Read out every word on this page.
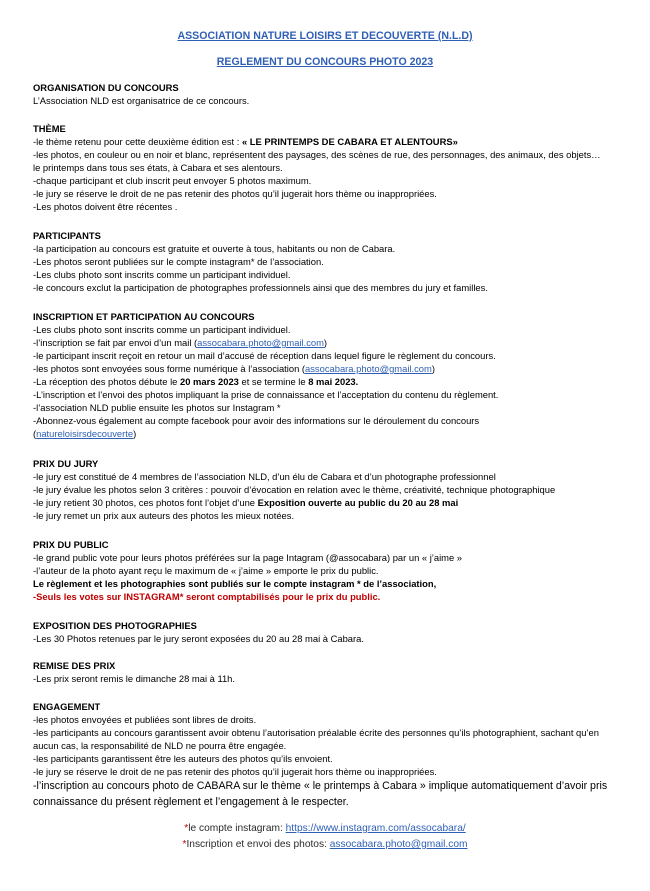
ASSOCIATION NATURE LOISIRS ET DECOUVERTE (N.L.D)
REGLEMENT DU CONCOURS PHOTO 2023
ORGANISATION DU CONCOURS
L’Association NLD est organisatrice de ce concours.
THÈME
-le thème retenu pour cette deuxième édition est : « LE PRINTEMPS DE CABARA ET ALENTOURS»
-les photos, en couleur ou en noir et blanc, représentent des paysages, des scènes de rue, des personnages, des animaux, des objets…le printemps dans tous ses états, à Cabara et ses alentours.
-chaque participant et club inscrit peut envoyer 5 photos maximum.
-le jury se réserve le droit de ne pas retenir des photos qu’il jugerait hors thème ou inappropriées.
-Les photos doivent être récentes .
PARTICIPANTS
-la participation au concours est gratuite et ouverte à tous, habitants ou non de Cabara.
-Les photos seront publiées sur le compte instagram* de l’association.
-Les clubs photo sont inscrits comme un participant individuel.
-le concours exclut la participation de photographes professionnels ainsi que des membres du jury et familles.
INSCRIPTION ET PARTICIPATION AU CONCOURS
-Les clubs photo sont inscrits comme un participant individuel.
-l’inscription se fait par envoi d’un mail (assocabara.photo@gmail.com)
-le participant inscrit reçoit en retour un mail d’accusé de réception dans lequel figure le règlement du concours.
-les photos sont envoyées sous forme numérique à l’association (assocabara.photo@gmail.com)
-La réception des photos débute le 20 mars 2023 et se termine le 8 mai 2023.
-L’inscription et l’envoi des photos impliquant la prise de connaissance et l’acceptation du contenu du règlement.
-l’association NLD publie ensuite les photos sur Instagram *
-Abonnez-vous également au compte facebook pour avoir des informations sur le déroulement du concours
(natureloisirsdecouverte)
PRIX DU JURY
-le jury est constitué de 4 membres de l’association NLD, d’un élu de Cabara et d’un photographe professionnel
-le jury évalue les photos selon 3 critères : pouvoir d’évocation en relation avec le thème, créativité, technique photographique
-le jury retient 30 photos, ces photos font l’objet d’une Exposition ouverte au public du 20 au 28 mai
-le jury remet un prix aux auteurs des photos les mieux notées.
PRIX DU PUBLIC
-le grand public vote pour leurs photos préférées sur la page Intagram (@assocabara) par un « j’aime »
-l’auteur de la photo ayant reçu le maximum de « j’aime » emporte le prix du public.
Le règlement et les photographies sont publiés sur le compte instagram * de l’association,
-Seuls les votes sur INSTAGRAM* seront comptabilisés pour le prix du public.
EXPOSITION DES PHOTOGRAPHIES
-Les 30 Photos retenues par le jury seront exposées du 20 au 28 mai à Cabara.
REMISE DES PRIX
-Les prix seront remis le dimanche 28 mai à 11h.
ENGAGEMENT
-les photos envoyées et publiées sont libres de droits.
-les participants au concours garantissent avoir obtenu l’autorisation préalable écrite des personnes qu’ils photographient, sachant qu’en aucun cas, la responsabilité de NLD ne pourra être engagée.
-les participants garantissent être les auteurs des photos qu’ils envoient.
-le jury se réserve le droit de ne pas retenir des photos qu’il jugerait hors thème ou inappropriées.
-l’inscription au concours photo de CABARA sur le thème « le printemps à Cabara » implique automatiquement d’avoir pris connaissance du présent règlement et l’engagement à le respecter.
*le compte instagram: https://www.instagram.com/assocabara/
*Inscription et envoi des photos: assocabara.photo@gmail.com
